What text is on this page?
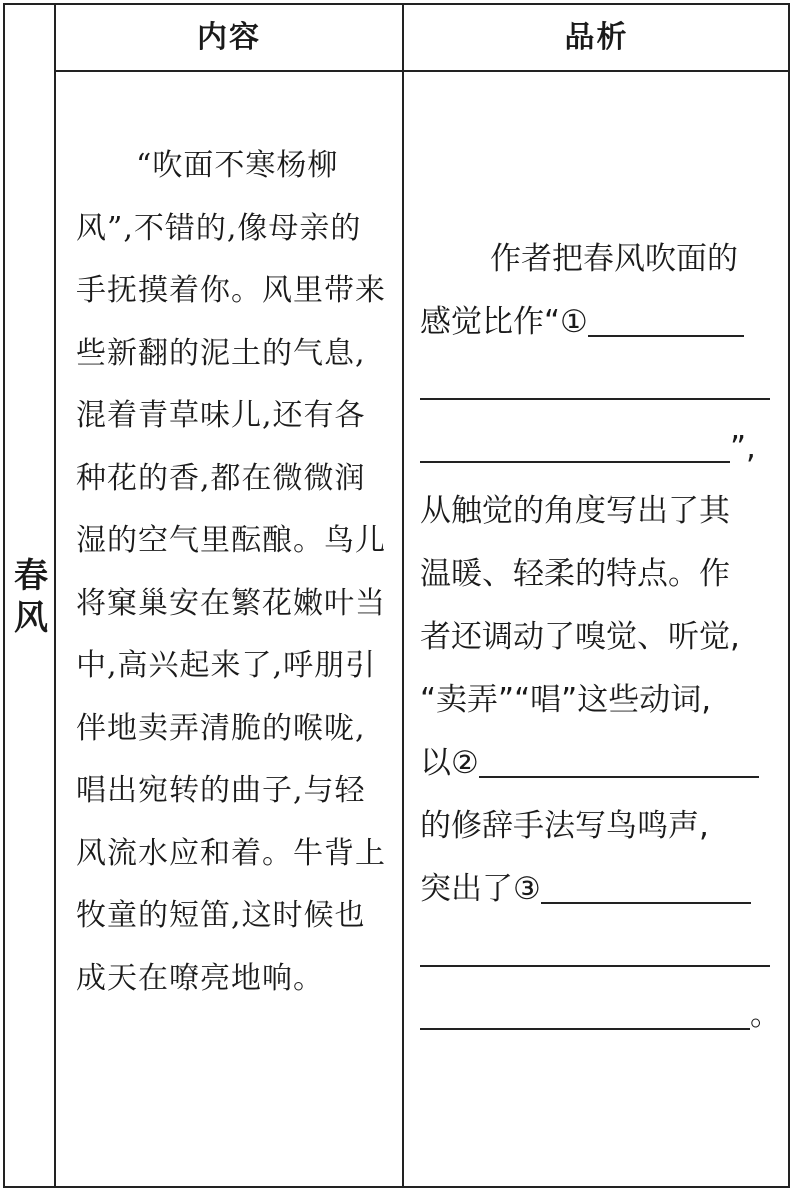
内容	品析
春风

“吹面不寒杨柳风”,不错的,像母亲的手抚摸着你。风里带来些新翻的泥土的气息,混着青草味儿,还有各种花的香,都在微微润湿的空气里酝酿。鸟儿将窠巢安在繁花嫩叶当中,高兴起来了,呼朋引伴地卖弄清脆的喉咙,唱出宛转的曲子,与轻风流水应和着。牛背上牧童的短笛,这时候也成天在嘹亮地响。

作者把春风吹面的
感觉比作“①
”,
从触觉的角度写出了其
温暖、轻柔的特点。作
者还调动了嗅觉、听觉,
“卖弄”“唱”这些动词,
以②
的修辞手法写鸟鸣声,
突出了③
。
